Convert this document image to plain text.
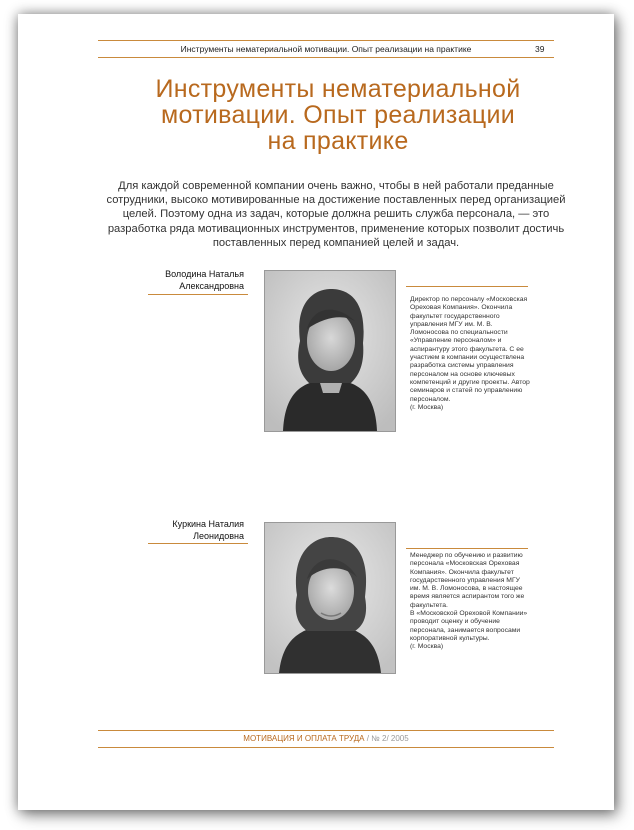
Инструменты нематериальной мотивации. Опыт реализации на практике	39
Инструменты нематериальной
мотивации. Опыт реализации
на практике
Для каждой современной компании очень важно, чтобы в ней работали преданные сотрудники, высоко мотивированные на достижение поставленных перед организацией целей. Поэтому одна из задач, которые должна решить служба персонала, — это разработка ряда мотивационных инструментов, применение которых позволит достичь поставленных перед компанией целей и задач.
Володина Наталья
Александровна
Директор по персоналу «Московская Ореховая Компания». Окончила факультет государственного управления МГУ им. М. В. Ломоносова по специальности «Управление персоналом» и аспирантуру этого факультета. С ее участием в компании осуществлена разработка системы управления персоналом на основе ключевых компетенций и другие проекты. Автор семинаров и статей по управлению персоналом.
(г. Москва)
Куркина Наталия
Леонидовна
Менеджер по обучению и развитию персонала «Московская Ореховая Компания». Окончила факультет государственного управления МГУ им. М. В. Ломоносова, в настоящее время является аспирантом того же факультета.
В «Московской Ореховой Компании» проводит оценку и обучение персонала, занимается вопросами корпоративной культуры.
(г. Москва)
МОТИВАЦИЯ И ОПЛАТА ТРУДА / № 2/ 2005
